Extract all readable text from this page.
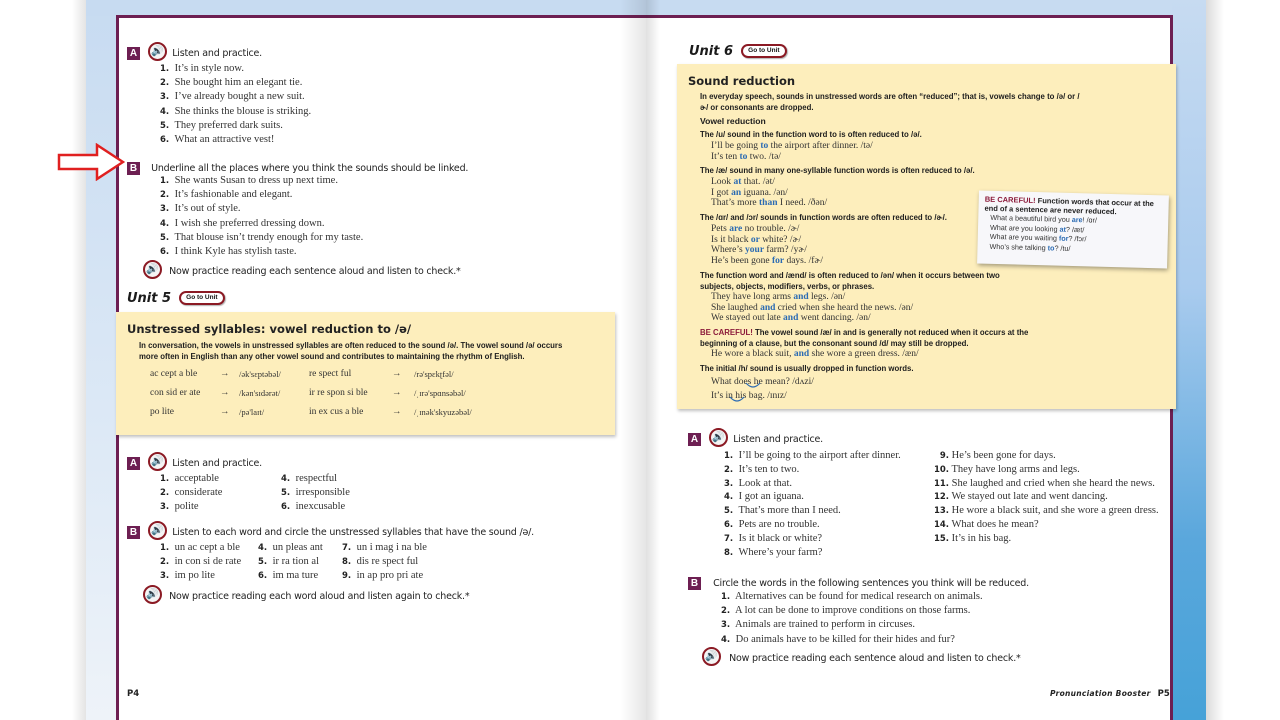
A 🔊 Listen and practice.
1. It’s in style now.
2. She bought him an elegant tie.
3. I’ve already bought a new suit.
4. She thinks the blouse is striking.
5. They preferred dark suits.
6. What an attractive vest!
B Underline all the places where you think the sounds should be linked.
1. She wants Susan to dress up next time.
2. It’s fashionable and elegant.
3. It’s out of style.
4. I wish she preferred dressing down.
5. That blouse isn’t trendy enough for my taste.
6. I think Kyle has stylish taste.
🔊 Now practice reading each sentence aloud and listen to check.*
Unit 5 Go to Unit
Unstressed syllables: vowel reduction to /ə/
In conversation, the vowels in unstressed syllables are often reduced to the sound /ə/. The vowel sound /ə/ occurs more often in English than any other vowel sound and contributes to maintaining the rhythm of English.
ac cept a ble → /ək'sɛptəbəl/	re spect ful	→ /rə'spɛkʈfəl/
con sid er ate → /kən'sɪdərət/	ir re spon si ble	→ /ˌɪrə'spɑnsəbəl/
po lite	→ /pə'laɪt/	in ex cus a ble	→ /ˌɪnək'skyuzəbəl/
A 🔊 Listen and practice.
1. acceptable
2. considerate
3. polite
4. respectful
5. irresponsible
6. inexcusable
B 🔊 Listen to each word and circle the unstressed syllables that have the sound /ə/.
1. un ac cept a ble
2. in con si de rate
3. im po lite
4. un pleas ant
5. ir ra tion al
6. im ma ture
7. un i mag i na ble
8. dis re spect ful
9. in ap pro pri ate
🔊 Now practice reading each word aloud and listen again to check.*
P4
Unit 6 Go to Unit
Sound reduction
In everyday speech, sounds in unstressed words are often “reduced”; that is, vowels change to /ə/ or /ɚ/ or consonants are dropped.
Vowel reduction
The /u/ sound in the function word to is often reduced to /ə/.
I’ll be going to the airport after dinner. /tə/
It’s ten to two. /tə/
The /æ/ sound in many one-syllable function words is often reduced to /ə/.
Look at that. /ət/
I got an iguana. /ən/
That’s more than I need. /ðən/
The /ɑr/ and /ɔr/ sounds in function words are often reduced to /ɚ/.
Pets are no trouble. /ɚ/
Is it black or white? /ɚ/
Where’s your farm? /yɚ/
He’s been gone for days. /fɚ/
The function word and /ænd/ is often reduced to /ən/ when it occurs between two subjects, objects, modifiers, verbs, or phrases.
They have long arms and legs. /ən/
She laughed and cried when she heard the news. /ən/
We stayed out late and went dancing. /ən/
BE CAREFUL! The vowel sound /æ/ in and is generally not reduced when it occurs at the beginning of a clause, but the consonant sound /d/ may still be dropped.
He wore a black suit, and she wore a green dress. /æn/
The initial /h/ sound is usually dropped in function words.
What does he mean? /dʌzi/
It’s in his bag. /ɪnɪz/
BE CAREFUL! Function words that occur at the end of a sentence are never reduced.
What a beautiful bird you are! /ɑr/
What are you looking at? /æt/
What are you waiting for? /fɔr/
Who’s she talking to? /tu/
A 🔊 Listen and practice.
1. I’ll be going to the airport after dinner.
2. It’s ten to two.
3. Look at that.
4. I got an iguana.
5. That’s more than I need.
6. Pets are no trouble.
7. Is it black or white?
8. Where’s your farm?
9. He’s been gone for days.
10. They have long arms and legs.
11. She laughed and cried when she heard the news.
12. We stayed out late and went dancing.
13. He wore a black suit, and she wore a green dress.
14. What does he mean?
15. It’s in his bag.
B Circle the words in the following sentences you think will be reduced.
1. Alternatives can be found for medical research on animals.
2. A lot can be done to improve conditions on those farms.
3. Animals are trained to perform in circuses.
4. Do animals have to be killed for their hides and fur?
🔊 Now practice reading each sentence aloud and listen to check.*
Pronunciation Booster P5
